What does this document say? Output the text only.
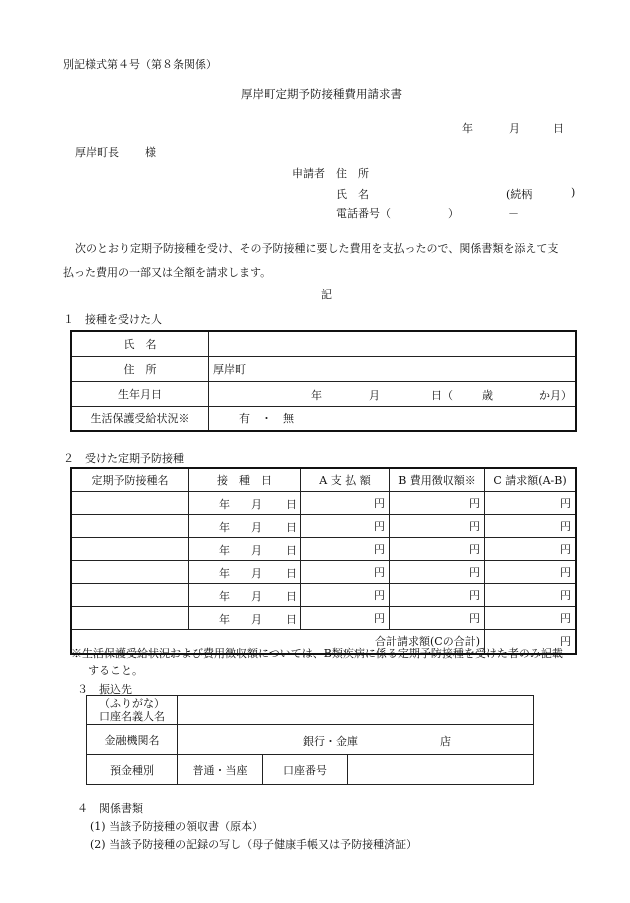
別記様式第４号（第８条関係）
厚岸町定期予防接種費用請求書
年	月	日
厚岸町長 様
申請者 住　所
氏　名	(続柄	)
電話番号（	）	－
次のとおり定期予防接種を受け、その予防接種に要した費用を支払ったので、関係書類を添えて支
払った費用の一部又は全額を請求します。
記
１　接種を受けた人
氏　名	
住　所	厚岸町
生年月日	年 月 日（ 歳 か月）

生活保護受給状況※	有　・　無
２　受けた定期予防接種
定期予防接種名	接　種　日	A 支 払 額	B 費用徴収額※	C 請求額(A-B)

	年 月 日	円	円	円

	年 月 日	円	円	円

	年 月 日	円	円	円

	年 月 日	円	円	円

	年 月 日	円	円	円

	年 月 日	円	円	円
合計請求額(Cの合計)				円
※生活保護受給状況および費用徴収額については、B類疾病に係る定期予防接種を受けた者のみ記載
すること。
３　振込先
（ふりがな）
口座名義人名			

金融機関名	銀行・金庫 店		

預金種別	普通・当座	口座番号	
４　関係書類
(1) 当該予防接種の領収書（原本）
(2) 当該予防接種の記録の写し（母子健康手帳又は予防接種済証）
